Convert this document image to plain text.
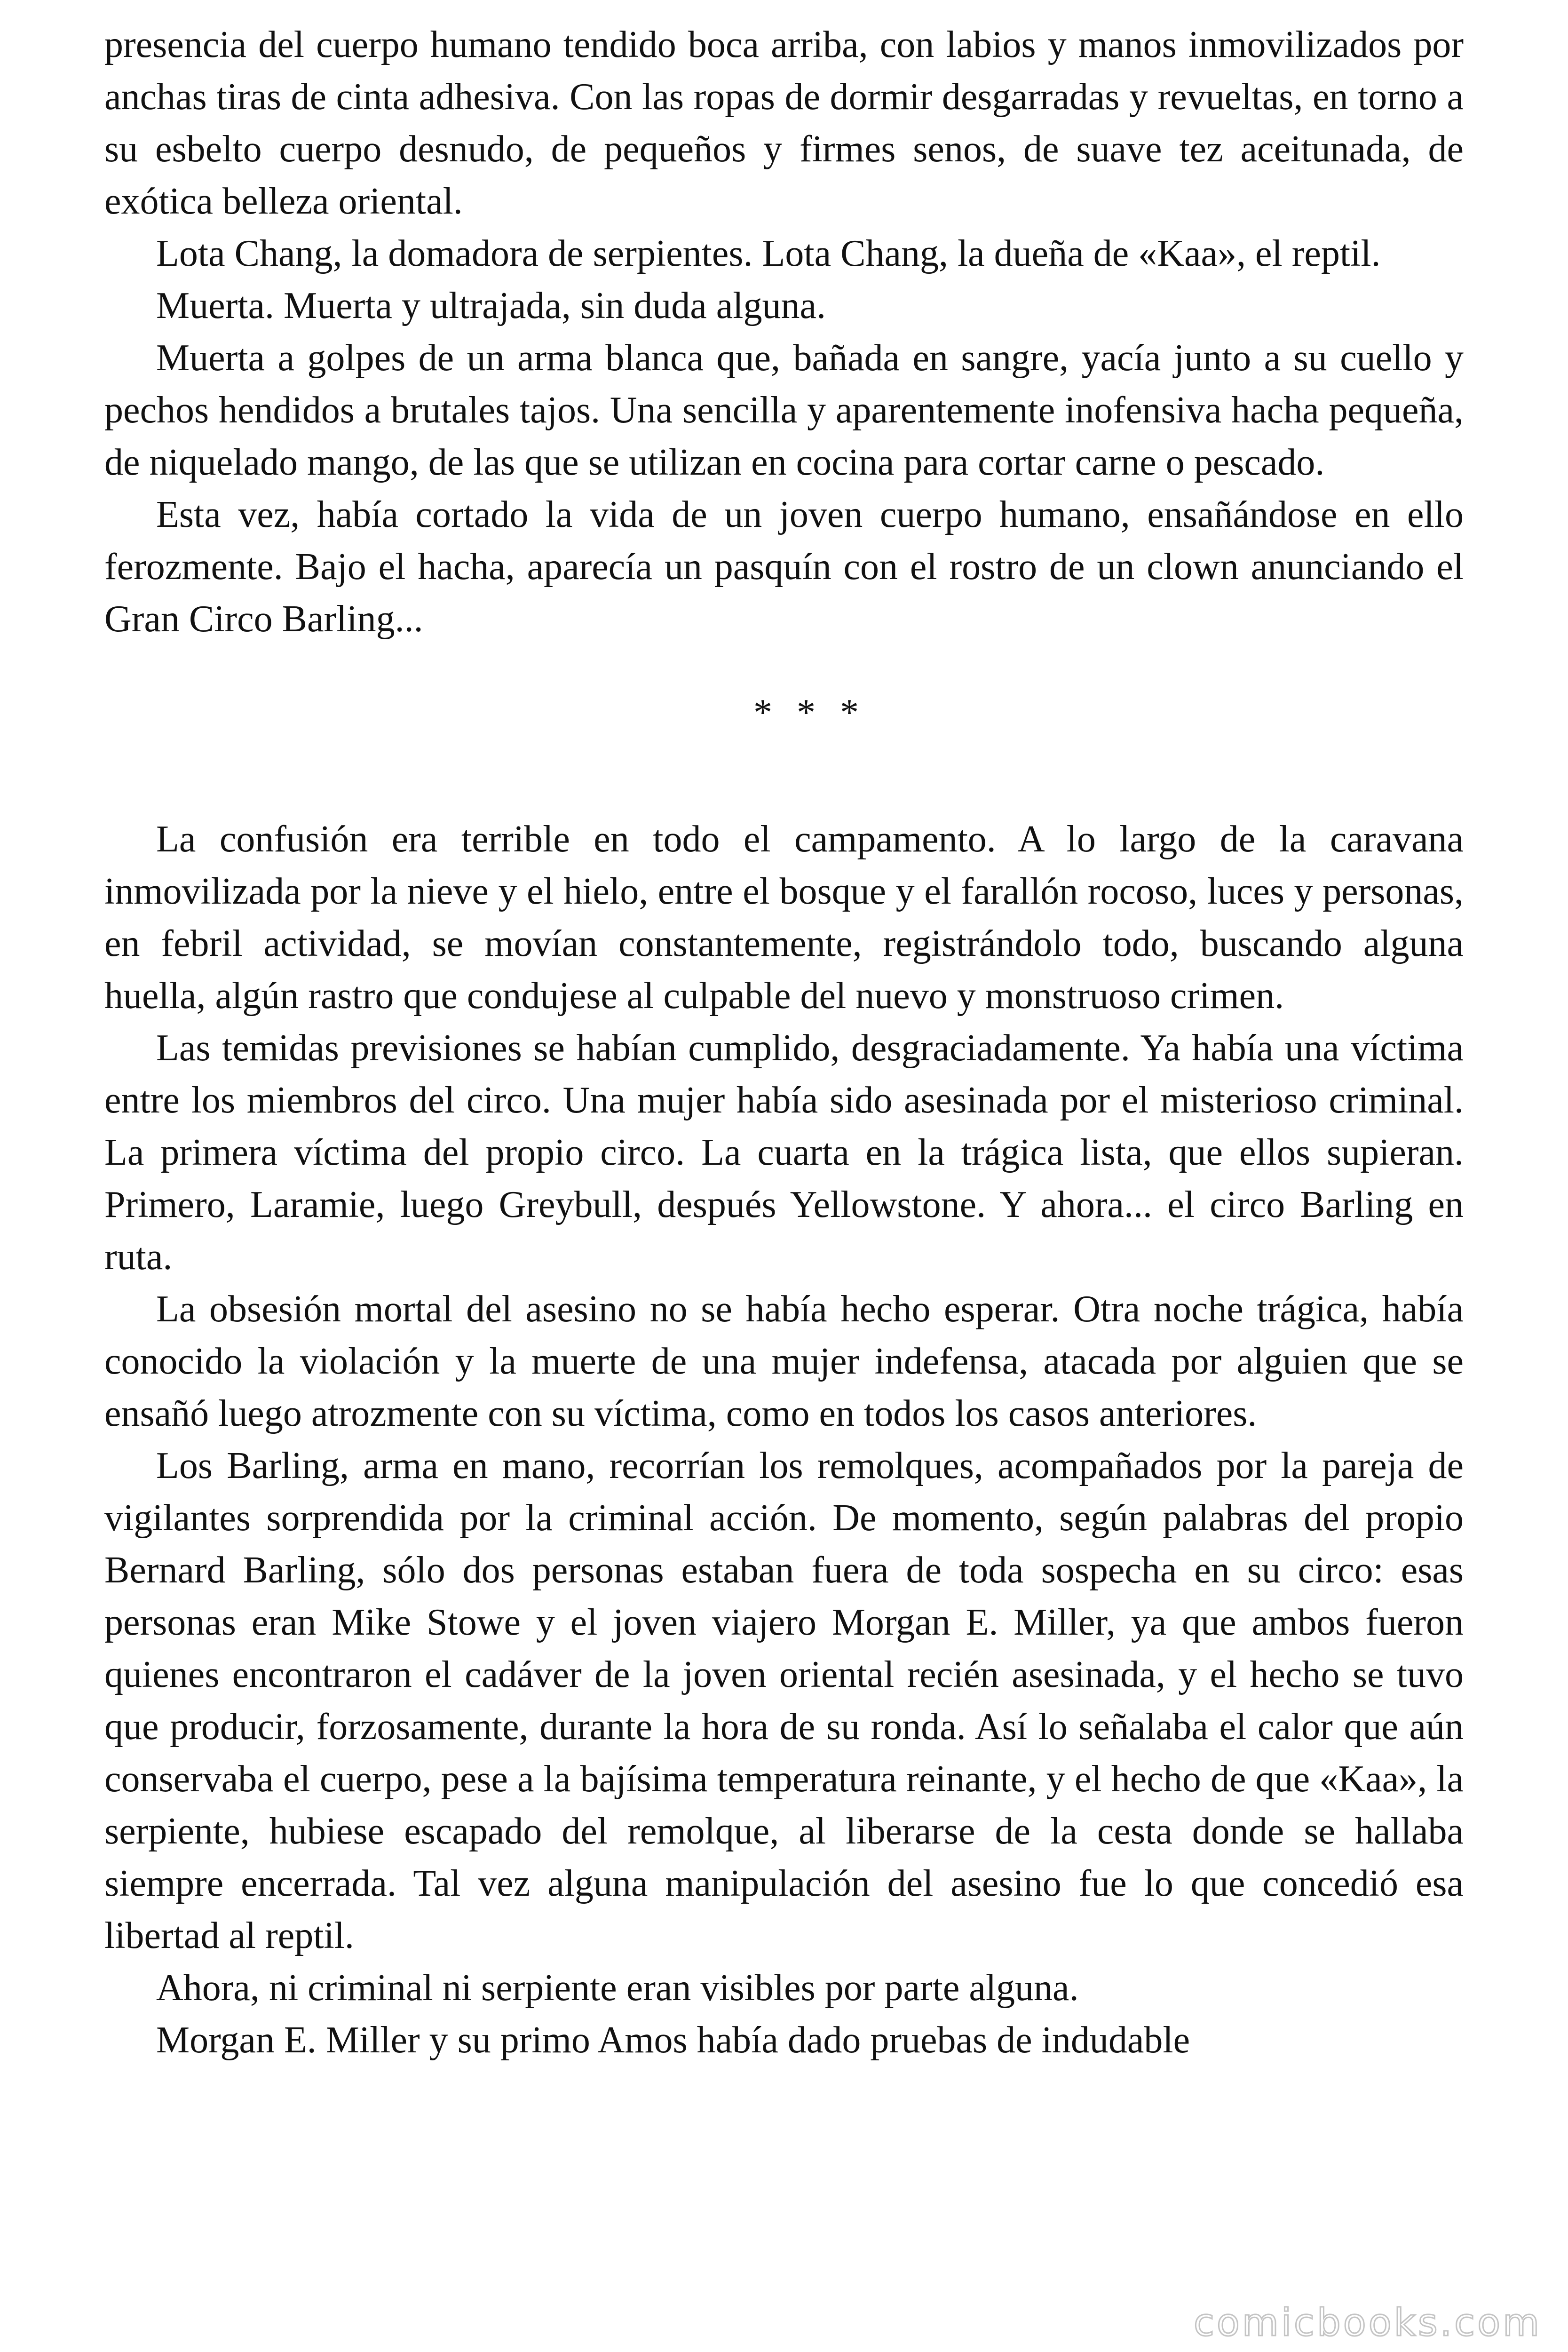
presencia del cuerpo humano tendido boca arriba, con labios y manos inmovilizados por anchas tiras de cinta adhesiva. Con las ropas de dormir desgarradas y revueltas, en torno a su esbelto cuerpo desnudo, de pequeños y firmes senos, de suave tez aceitunada, de exótica belleza oriental.

Lota Chang, la domadora de serpientes. Lota Chang, la dueña de «Kaa», el reptil.

Muerta. Muerta y ultrajada, sin duda alguna.

Muerta a golpes de un arma blanca que, bañada en sangre, yacía junto a su cuello y pechos hendidos a brutales tajos. Una sencilla y aparentemente inofensiva hacha pequeña, de niquelado mango, de las que se utilizan en cocina para cortar carne o pescado.

Esta vez, había cortado la vida de un joven cuerpo humano, ensañándose en ello ferozmente. Bajo el hacha, aparecía un pasquín con el rostro de un clown anunciando el Gran Circo Barling...

* * *

La confusión era terrible en todo el campamento. A lo largo de la caravana inmovilizada por la nieve y el hielo, entre el bosque y el farallón rocoso, luces y personas, en febril actividad, se movían constantemente, registrándolo todo, buscando alguna huella, algún rastro que condujese al culpable del nuevo y monstruoso crimen.

Las temidas previsiones se habían cumplido, desgraciadamente. Ya había una víctima entre los miembros del circo. Una mujer había sido asesinada por el misterioso criminal. La primera víctima del propio circo. La cuarta en la trágica lista, que ellos supieran. Primero, Laramie, luego Greybull, después Yellowstone. Y ahora... el circo Barling en ruta.

La obsesión mortal del asesino no se había hecho esperar. Otra noche trágica, había conocido la violación y la muerte de una mujer indefensa, atacada por alguien que se ensañó luego atrozmente con su víctima, como en todos los casos anteriores.

Los Barling, arma en mano, recorrían los remolques, acompañados por la pareja de vigilantes sorprendida por la criminal acción. De momento, según palabras del propio Bernard Barling, sólo dos personas estaban fuera de toda sospecha en su circo: esas personas eran Mike Stowe y el joven viajero Morgan E. Miller, ya que ambos fueron quienes encontraron el cadáver de la joven oriental recién asesinada, y el hecho se tuvo que producir, forzosamente, durante la hora de su ronda. Así lo señalaba el calor que aún conservaba el cuerpo, pese a la bajísima temperatura reinante, y el hecho de que «Kaa», la serpiente, hubiese escapado del remolque, al liberarse de la cesta donde se hallaba siempre encerrada. Tal vez alguna manipulación del asesino fue lo que concedió esa libertad al reptil.

Ahora, ni criminal ni serpiente eran visibles por parte alguna.

Morgan E. Miller y su primo Amos había dado pruebas de indudable

comicbooks.com
